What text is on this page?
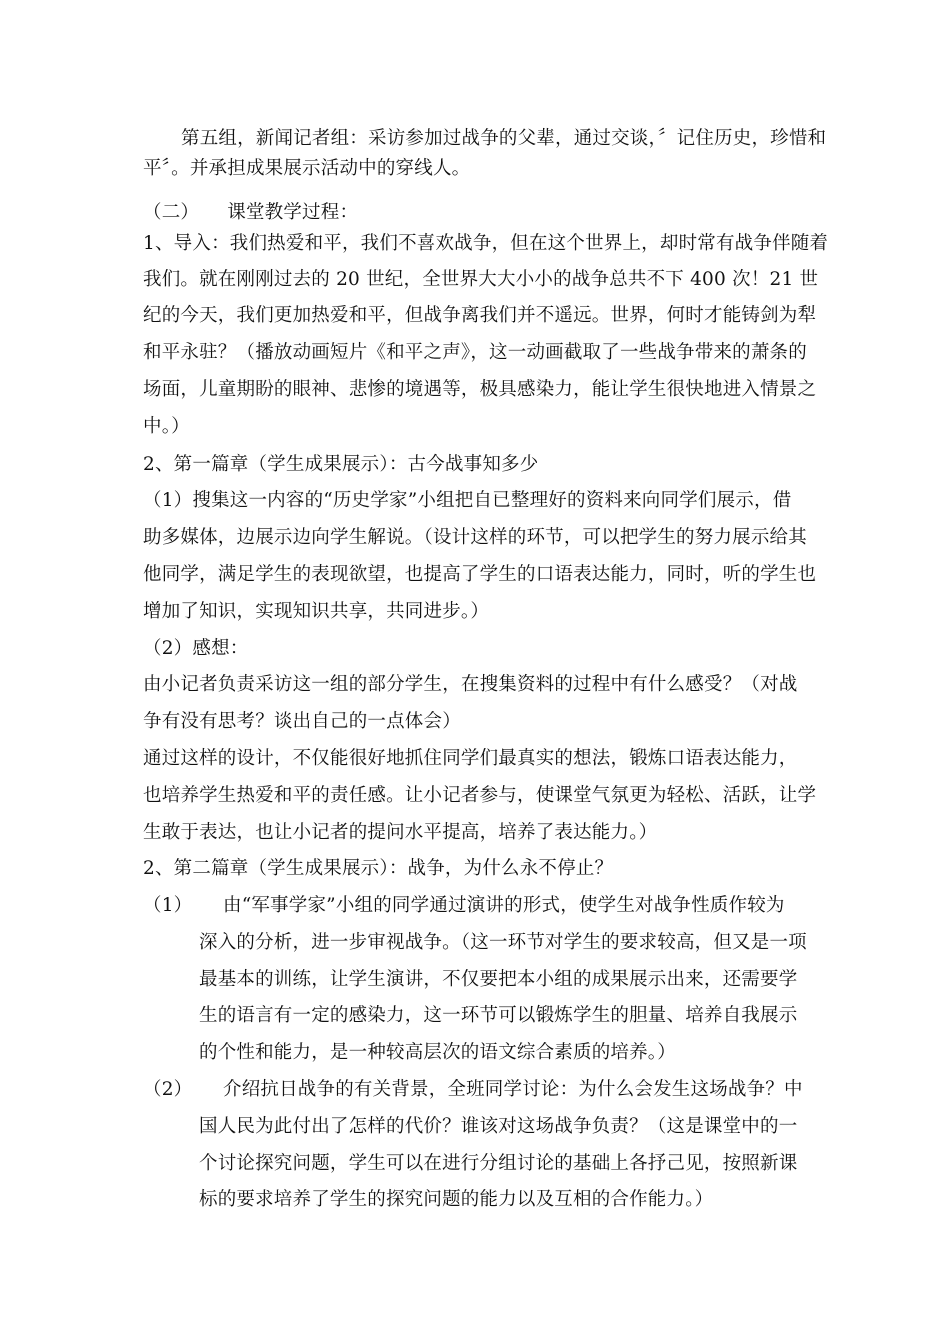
第五组，新闻记者组：采访参加过战争的父辈，通过交谈，〞记住历史，珍惜和
平〞。并承担成果展示活动中的穿线人。
（二）　　课堂教学过程：
1、导入：我们热爱和平，我们不喜欢战争，但在这个世界上，却时常有战争伴随着
我们。就在刚刚过去的 20 世纪，全世界大大小小的战争总共不下 400 次！21 世
纪的今天，我们更加热爱和平，但战争离我们并不遥远。世界，何时才能铸剑为犁
和平永驻？（播放动画短片《和平之声》，这一动画截取了一些战争带来的萧条的
场面，儿童期盼的眼神、悲惨的境遇等，极具感染力，能让学生很快地进入情景之
中。）
2、第一篇章（学生成果展示）：古今战事知多少
（1）搜集这一内容的“历史学家”小组把自已整理好的资料来向同学们展示，借
助多媒体，边展示边向学生解说。（设计这样的环节，可以把学生的努力展示给其
他同学，满足学生的表现欲望，也提高了学生的口语表达能力，同时，听的学生也
增加了知识，实现知识共享，共同进步。）
（2）感想：
由小记者负责采访这一组的部分学生，在搜集资料的过程中有什么感受？（对战
争有没有思考？谈出自己的一点体会）
通过这样的设计，不仅能很好地抓住同学们最真实的想法，锻炼口语表达能力，
也培养学生热爱和平的责任感。让小记者参与，使课堂气氛更为轻松、活跃，让学
生敢于表达，也让小记者的提问水平提高，培养了表达能力。）
2、第二篇章（学生成果展示）：战争，为什么永不停止？
（1） 由“军事学家”小组的同学通过演讲的形式，使学生对战争性质作较为
深入的分析，进一步审视战争。（这一环节对学生的要求较高，但又是一项
最基本的训练，让学生演讲，不仅要把本小组的成果展示出来，还需要学
生的语言有一定的感染力，这一环节可以锻炼学生的胆量、培养自我展示
的个性和能力，是一种较高层次的语文综合素质的培养。）
（2） 介绍抗日战争的有关背景，全班同学讨论：为什么会发生这场战争？中
国人民为此付出了怎样的代价？谁该对这场战争负责？（这是课堂中的一
个讨论探究问题，学生可以在进行分组讨论的基础上各抒己见，按照新课
标的要求培养了学生的探究问题的能力以及互相的合作能力。）
